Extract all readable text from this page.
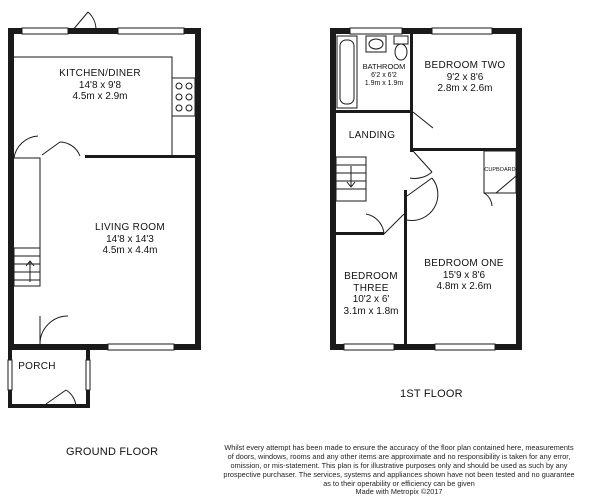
KITCHEN/DINER
14'8 x 9'8
4.5m x 2.9m
LIVING ROOM
14'8 x 14'3
4.5m x 4.4m
PORCH
BATHROOM
6'2 x 6'2
1.9m x 1.9m
BEDROOM TWO
9'2 x 8'6
2.8m x 2.6m
LANDING
CUPBOARD
BEDROOM
THREE
10'2 x 6'
3.1m x 1.8m
BEDROOM ONE
15'9 x 8'6
4.8m x 2.6m
1ST FLOOR
GROUND FLOOR	Whilst every attempt has been made to ensure the accuracy of the floor plan contained here, measurements
of doors, windows, rooms and any other items are approximate and no responsibility is taken for any error,
omission, or mis-statement. This plan is for illustrative purposes only and should be used as such by any
prospective purchaser. The services, systems and appliances shown have not been tested and no guarantee
as to their operability or efficiency can be given
Made with Metropix ©2017
